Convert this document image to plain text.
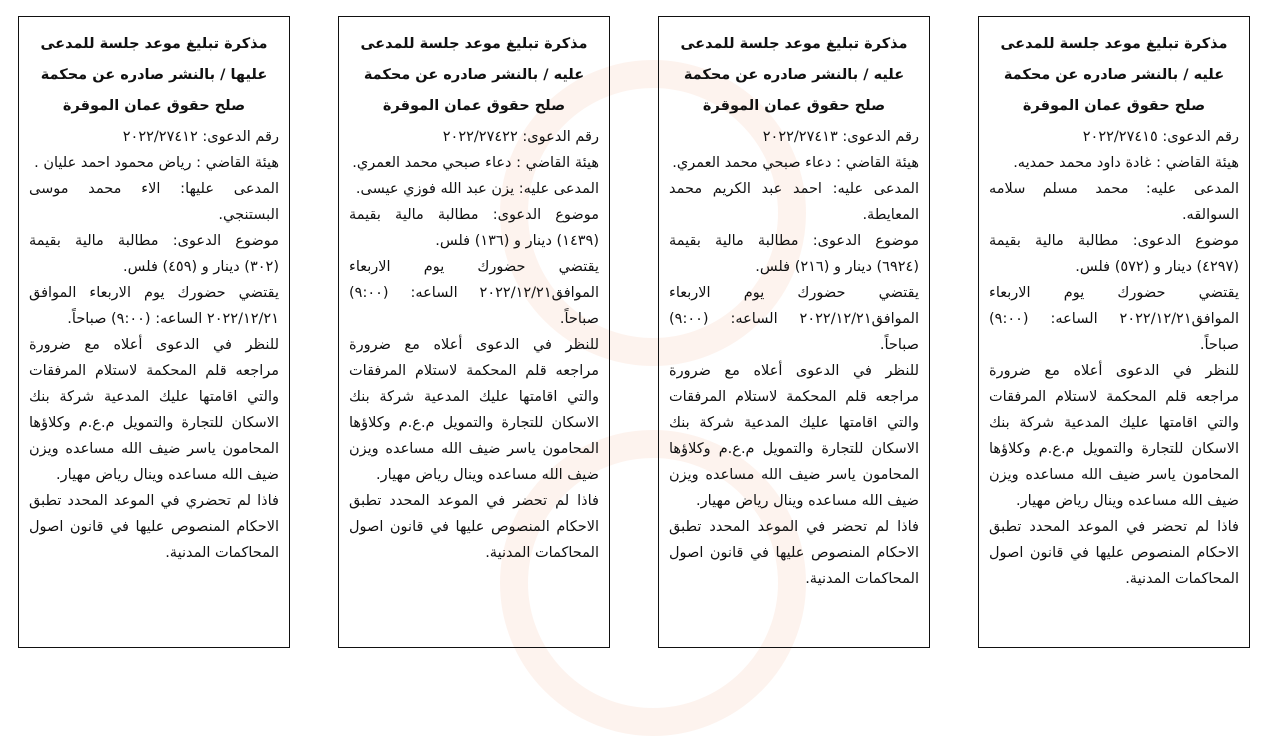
مذكرة تبليغ موعد جلسة للمدعى
عليه / بالنشر صادره عن محكمة
صلح حقوق عمان الموقرة

رقم الدعوى: ٢٠٢٢/٢٧٤١٥

هيئة القاضي : غادة داود محمد حمديه.

المدعى عليه: محمد مسلم سلامه السوالقه.

موضوع الدعوى: مطالبة مالية بقيمة (٤٢٩٧) دينار و (٥٧٢) فلس.

يقتضي حضورك يوم الاربعاء الموافق٢٠٢٢/١٢/٢١ الساعه: (٩:٠٠) صباحاً.

للنظر في الدعوى أعلاه مع ضرورة مراجعه قلم المحكمة لاستلام المرفقات والتي اقامتها عليك المدعية شركة بنك الاسكان للتجارة والتمويل م.ع.م وكلاؤها المحامون ياسر ضيف الله مساعده ويزن ضيف الله مساعده وينال رياض مهيار.

فاذا لم تحضر في الموعد المحدد تطبق الاحكام المنصوص عليها في قانون اصول المحاكمات المدنية.

مذكرة تبليغ موعد جلسة للمدعى
عليه / بالنشر صادره عن محكمة
صلح حقوق عمان الموقرة

رقم الدعوى: ٢٠٢٢/٢٧٤١٣

هيئة القاضي : دعاء صبحي محمد العمري.

المدعى عليه: احمد عبد الكريم محمد المعايطة.

موضوع الدعوى: مطالبة مالية بقيمة (٦٩٢٤) دينار و (٢١٦) فلس.

يقتضي حضورك يوم الاربعاء الموافق٢٠٢٢/١٢/٢١ الساعه: (٩:٠٠) صباحاً.

للنظر في الدعوى أعلاه مع ضرورة مراجعه قلم المحكمة لاستلام المرفقات والتي اقامتها عليك المدعية شركة بنك الاسكان للتجارة والتمويل م.ع.م وكلاؤها المحامون ياسر ضيف الله مساعده ويزن ضيف الله مساعده وينال رياض مهيار.

فاذا لم تحضر في الموعد المحدد تطبق الاحكام المنصوص عليها في قانون اصول المحاكمات المدنية.

مذكرة تبليغ موعد جلسة للمدعى
عليه / بالنشر صادره عن محكمة
صلح حقوق عمان الموقرة

رقم الدعوى: ٢٠٢٢/٢٧٤٢٢

هيئة القاضي : دعاء صبحي محمد العمري.

المدعى عليه: يزن عبد الله فوزي عيسى.

موضوع الدعوى: مطالبة مالية بقيمة (١٤٣٩) دينار و (١٣٦) فلس.

يقتضي حضورك يوم الاربعاء الموافق٢٠٢٢/١٢/٢١ الساعه: (٩:٠٠) صباحاً.

للنظر في الدعوى أعلاه مع ضرورة مراجعه قلم المحكمة لاستلام المرفقات والتي اقامتها عليك المدعية شركة بنك الاسكان للتجارة والتمويل م.ع.م وكلاؤها المحامون ياسر ضيف الله مساعده ويزن ضيف الله مساعده وينال رياض مهيار.

فاذا لم تحضر في الموعد المحدد تطبق الاحكام المنصوص عليها في قانون اصول المحاكمات المدنية.

مذكرة تبليغ موعد جلسة للمدعى
عليها / بالنشر صادره عن محكمة
صلح حقوق عمان الموقرة

رقم الدعوى: ٢٠٢٢/٢٧٤١٢

هيئة القاضي : رياض محمود احمد عليان .

المدعى عليها: الاء محمد موسى البستنجي.

موضوع الدعوى: مطالبة مالية بقيمة (٣٠٢) دينار و (٤٥٩) فلس.

يقتضي حضورك يوم الاربعاء الموافق ٢٠٢٢/١٢/٢١ الساعه: (٩:٠٠) صباحاً.

للنظر في الدعوى أعلاه مع ضرورة مراجعه قلم المحكمة لاستلام المرفقات والتي اقامتها عليك المدعية شركة بنك الاسكان للتجارة والتمويل م.ع.م وكلاؤها المحامون ياسر ضيف الله مساعده ويزن ضيف الله مساعده وينال رياض مهيار.

فاذا لم تحضري في الموعد المحدد تطبق الاحكام المنصوص عليها في قانون اصول المحاكمات المدنية.
